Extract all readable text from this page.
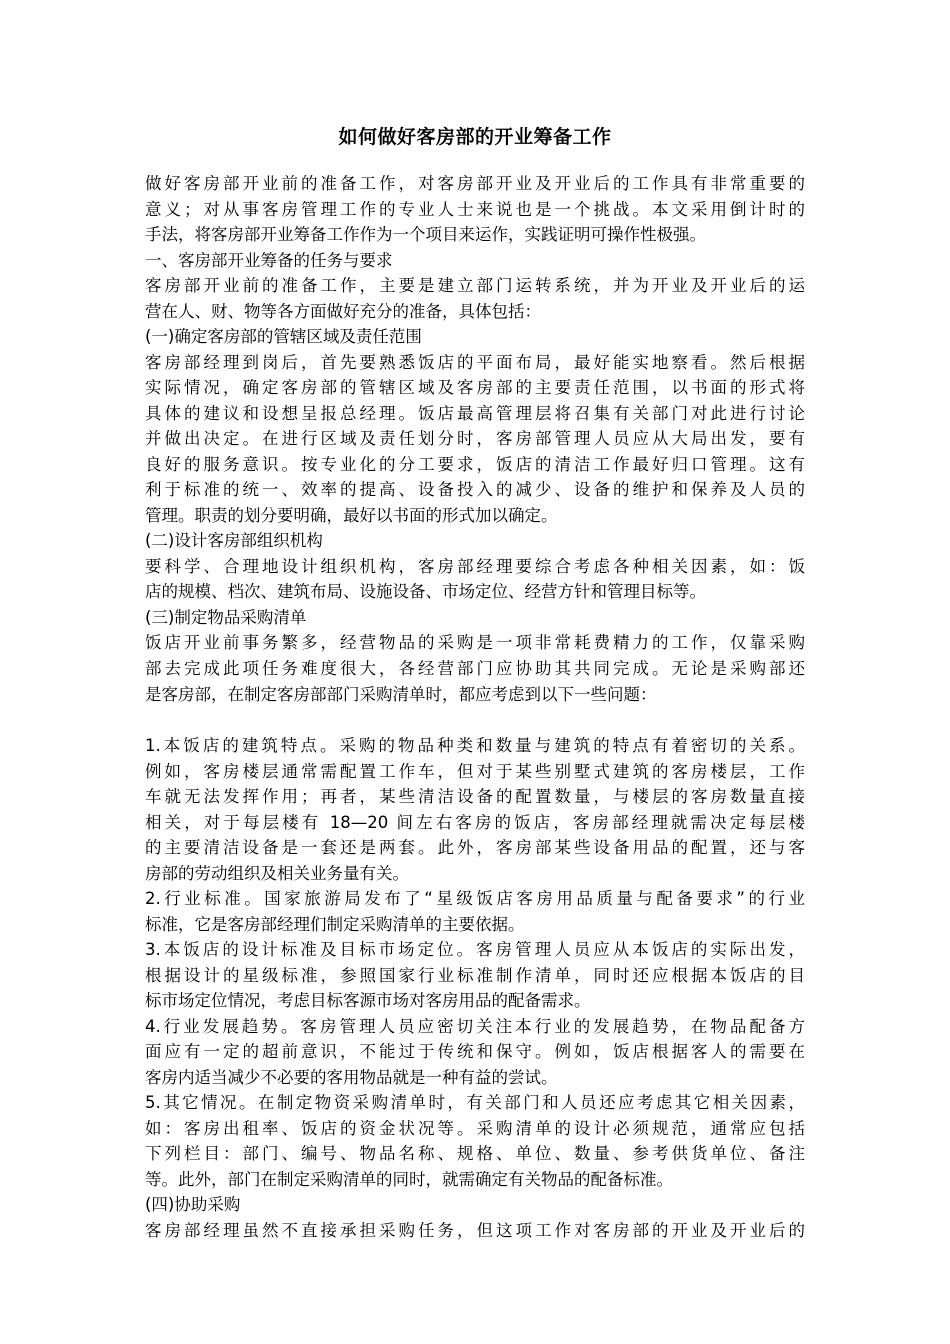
如何做好客房部的开业筹备工作

做好客房部开业前的准备工作，对客房部开业及开业后的工作具有非常重要的

意义；对从事客房管理工作的专业人士来说也是一个挑战。本文采用倒计时的

手法，将客房部开业筹备工作作为一个项目来运作，实践证明可操作性极强。

一、客房部开业筹备的任务与要求

客房部开业前的准备工作，主要是建立部门运转系统，并为开业及开业后的运

营在人、财、物等各方面做好充分的准备，具体包括：

(一)确定客房部的管辖区域及责任范围

客房部经理到岗后，首先要熟悉饭店的平面布局，最好能实地察看。然后根据

实际情况，确定客房部的管辖区域及客房部的主要责任范围，以书面的形式将

具体的建议和设想呈报总经理。饭店最高管理层将召集有关部门对此进行讨论

并做出决定。在进行区域及责任划分时，客房部管理人员应从大局出发，要有

良好的服务意识。按专业化的分工要求，饭店的清洁工作最好归口管理。这有

利于标准的统一、效率的提高、设备投入的减少、设备的维护和保养及人员的

管理。职责的划分要明确，最好以书面的形式加以确定。

(二)设计客房部组织机构

要科学、合理地设计组织机构，客房部经理要综合考虑各种相关因素，如：饭

店的规模、档次、建筑布局、设施设备、市场定位、经营方针和管理目标等。

(三)制定物品采购清单

饭店开业前事务繁多，经营物品的采购是一项非常耗费精力的工作，仅靠采购

部去完成此项任务难度很大，各经营部门应协助其共同完成。无论是采购部还

是客房部，在制定客房部部门采购清单时，都应考虑到以下一些问题：

1.本饭店的建筑特点。采购的物品种类和数量与建筑的特点有着密切的关系。

例如，客房楼层通常需配置工作车，但对于某些别墅式建筑的客房楼层，工作

车就无法发挥作用；再者，某些清洁设备的配置数量，与楼层的客房数量直接

相关，对于每层楼有 18—20 间左右客房的饭店，客房部经理就需决定每层楼

的主要清洁设备是一套还是两套。此外，客房部某些设备用品的配置，还与客

房部的劳动组织及相关业务量有关。

2.行业标准。国家旅游局发布了“星级饭店客房用品质量与配备要求”的行业

标准，它是客房部经理们制定采购清单的主要依据。

3.本饭店的设计标准及目标市场定位。客房管理人员应从本饭店的实际出发，

根据设计的星级标准，参照国家行业标准制作清单，同时还应根据本饭店的目

标市场定位情况，考虑目标客源市场对客房用品的配备需求。

4.行业发展趋势。客房管理人员应密切关注本行业的发展趋势，在物品配备方

面应有一定的超前意识，不能过于传统和保守。例如，饭店根据客人的需要在

客房内适当减少不必要的客用物品就是一种有益的尝试。

5.其它情况。在制定物资采购清单时，有关部门和人员还应考虑其它相关因素，

如：客房出租率、饭店的资金状况等。采购清单的设计必须规范，通常应包括

下列栏目：部门、编号、物品名称、规格、单位、数量、参考供货单位、备注

等。此外，部门在制定采购清单的同时，就需确定有关物品的配备标准。

(四)协助采购

客房部经理虽然不直接承担采购任务，但这项工作对客房部的开业及开业后的
